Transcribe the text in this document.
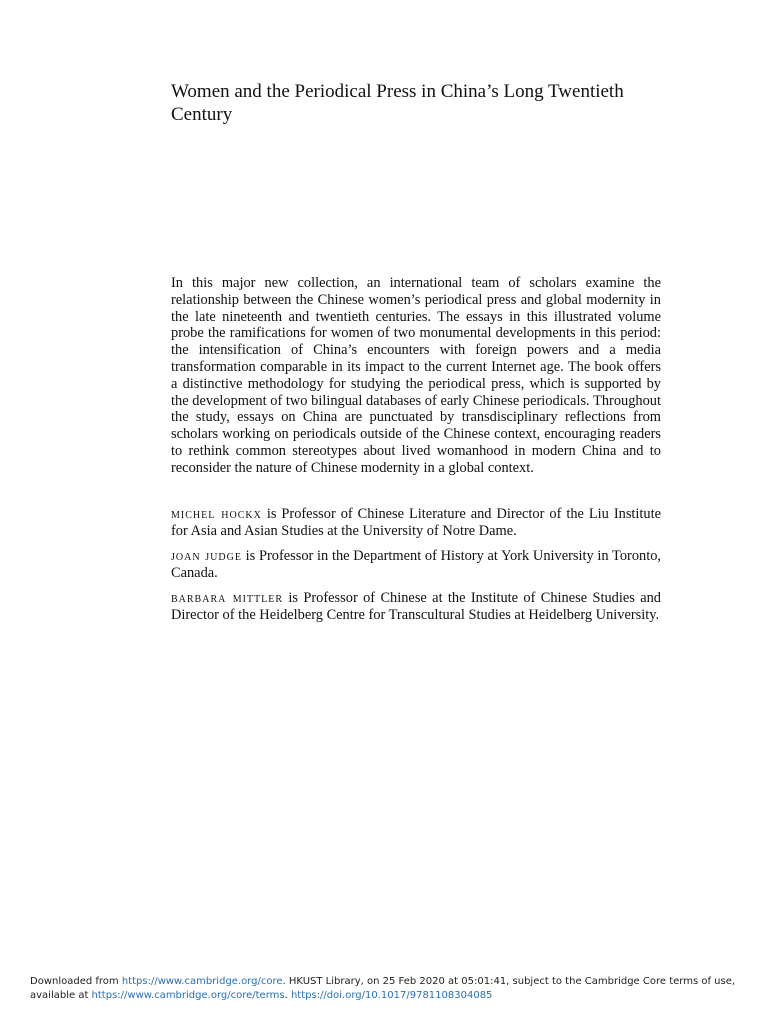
Women and the Periodical Press in China’s Long Twentieth Century

In this major new collection, an international team of scholars examine the relationship between the Chinese women’s periodical press and global modernity in the late nineteenth and twentieth centuries. The essays in this illustrated volume probe the ramifications for women of two monumental developments in this period: the intensification of China’s encounters with foreign powers and a media transformation comparable in its impact to the current Internet age. The book offers a distinctive methodology for studying the periodical press, which is supported by the development of two bilingual databases of early Chinese periodicals. Throughout the study, essays on China are punctuated by transdisciplinary reflections from scholars working on periodicals outside of the Chinese context, encouraging readers to rethink common stereotypes about lived womanhood in modern China and to reconsider the nature of Chinese modernity in a global context.

michel hockx is Professor of Chinese Literature and Director of the Liu Institute for Asia and Asian Studies at the University of Notre Dame.

joan judge is Professor in the Department of History at York University in Toronto, Canada.

barbara mittler is Professor of Chinese at the Institute of Chinese Studies and Director of the Heidelberg Centre for Transcultural Studies at Heidelberg University.

Downloaded from https://www.cambridge.org/core. HKUST Library, on 25 Feb 2020 at 05:01:41, subject to the Cambridge Core terms of use,
available at https://www.cambridge.org/core/terms. https://doi.org/10.1017/9781108304085
